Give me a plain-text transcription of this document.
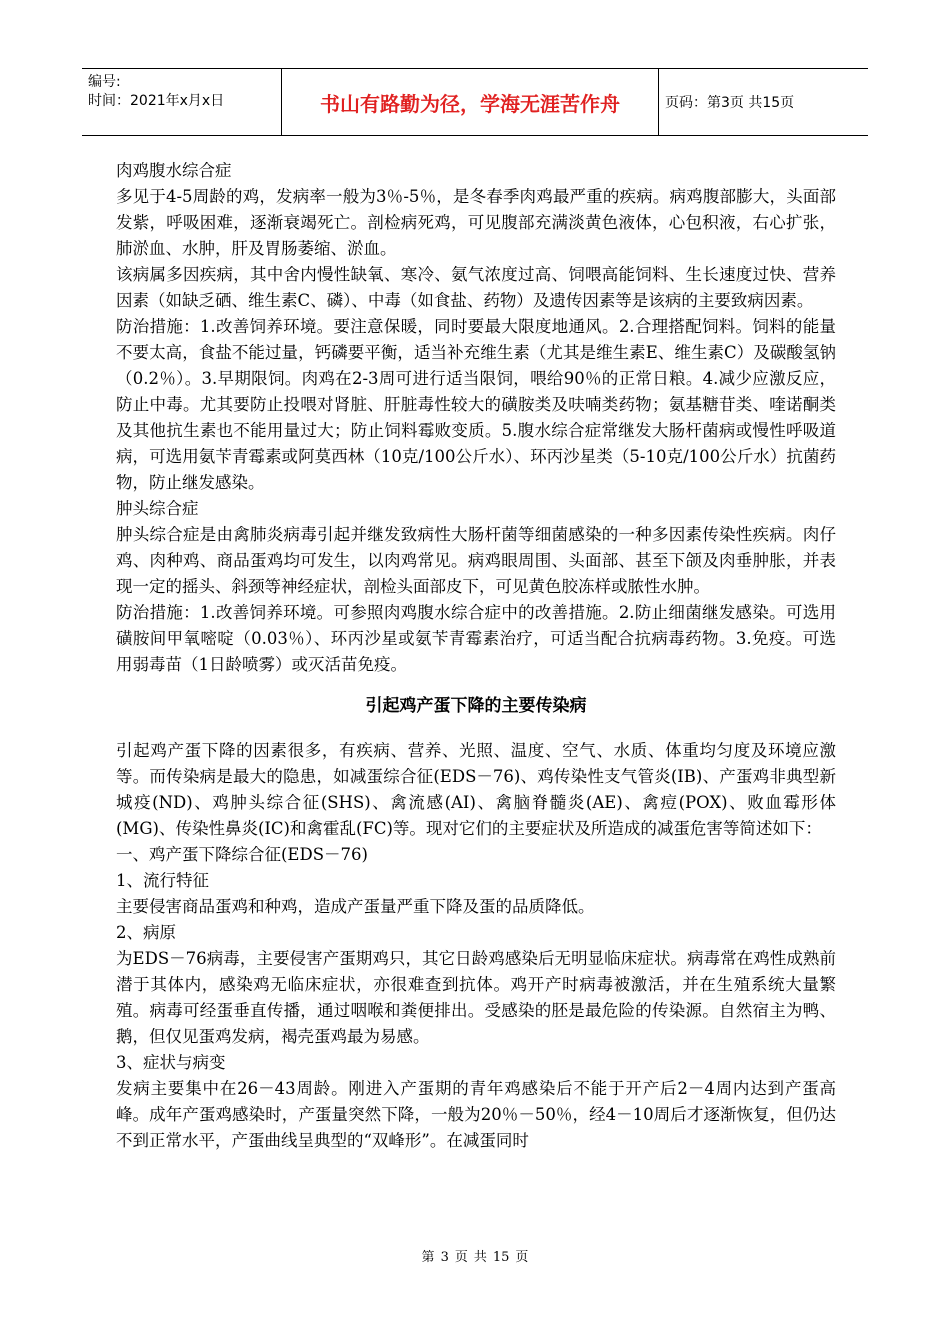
编号:
时间：2021年x月x日	书山有路勤为径，学海无涯苦作舟	页码：第3页 共15页

肉鸡腹水综合症

多见于4-5周龄的鸡，发病率一般为3％-5％，是冬春季肉鸡最严重的疾病。病鸡腹部膨大，头面部发紫，呼吸困难，逐渐衰竭死亡。剖检病死鸡，可见腹部充满淡黄色液体，心包积液，右心扩张，肺淤血、水肿，肝及胃肠萎缩、淤血。

该病属多因疾病，其中舍内慢性缺氧、寒冷、氨气浓度过高、饲喂高能饲料、生长速度过快、营养因素（如缺乏硒、维生素C、磷）、中毒（如食盐、药物）及遗传因素等是该病的主要致病因素。

防治措施：1.改善饲养环境。要注意保暖，同时要最大限度地通风。2.合理搭配饲料。饲料的能量不要太高，食盐不能过量，钙磷要平衡，适当补充维生素（尤其是维生素E、维生素C）及碳酸氢钠（0.2％）。3.早期限饲。肉鸡在2-3周可进行适当限饲，喂给90％的正常日粮。4.减少应激反应，防止中毒。尤其要防止投喂对肾脏、肝脏毒性较大的磺胺类及呋喃类药物；氨基糖苷类、喹诺酮类及其他抗生素也不能用量过大；防止饲料霉败变质。5.腹水综合症常继发大肠杆菌病或慢性呼吸道病，可选用氨苄青霉素或阿莫西林（10克/100公斤水）、环丙沙星类（5-10克/100公斤水）抗菌药物，防止继发感染。

肿头综合症

肿头综合症是由禽肺炎病毒引起并继发致病性大肠杆菌等细菌感染的一种多因素传染性疾病。肉仔鸡、肉种鸡、商品蛋鸡均可发生，以肉鸡常见。病鸡眼周围、头面部、甚至下颌及肉垂肿胀，并表现一定的摇头、斜颈等神经症状，剖检头面部皮下，可见黄色胶冻样或脓性水肿。

防治措施：1.改善饲养环境。可参照肉鸡腹水综合症中的改善措施。2.防止细菌继发感染。可选用磺胺间甲氧嘧啶（0.03％）、环丙沙星或氨苄青霉素治疗，可适当配合抗病毒药物。3.免疫。可选用弱毒苗（1日龄喷雾）或灭活苗免疫。

引起鸡产蛋下降的主要传染病

引起鸡产蛋下降的因素很多，有疾病、营养、光照、温度、空气、水质、体重均匀度及环境应激等。而传染病是最大的隐患，如减蛋综合征(EDS－76)、鸡传染性支气管炎(IB)、产蛋鸡非典型新城疫(ND)、鸡肿头综合征(SHS)、禽流感(AI)、禽脑脊髓炎(AE)、禽痘(POX)、败血霉形体(MG)、传染性鼻炎(IC)和禽霍乱(FC)等。现对它们的主要症状及所造成的减蛋危害等简述如下：

一、鸡产蛋下降综合征(EDS－76)

1、流行特征

主要侵害商品蛋鸡和种鸡，造成产蛋量严重下降及蛋的品质降低。

2、病原

为EDS－76病毒，主要侵害产蛋期鸡只，其它日龄鸡感染后无明显临床症状。病毒常在鸡性成熟前潜于其体内，感染鸡无临床症状，亦很难查到抗体。鸡开产时病毒被激活，并在生殖系统大量繁殖。病毒可经蛋垂直传播，通过咽喉和粪便排出。受感染的胚是最危险的传染源。自然宿主为鸭、鹅，但仅见蛋鸡发病，褐壳蛋鸡最为易感。

3、症状与病变

发病主要集中在26－43周龄。刚进入产蛋期的青年鸡感染后不能于开产后2－4周内达到产蛋高峰。成年产蛋鸡感染时，产蛋量突然下降，一般为20％－50％，经4－10周后才逐渐恢复，但仍达不到正常水平，产蛋曲线呈典型的“双峰形”。在减蛋同时

第 3 页 共 15 页
